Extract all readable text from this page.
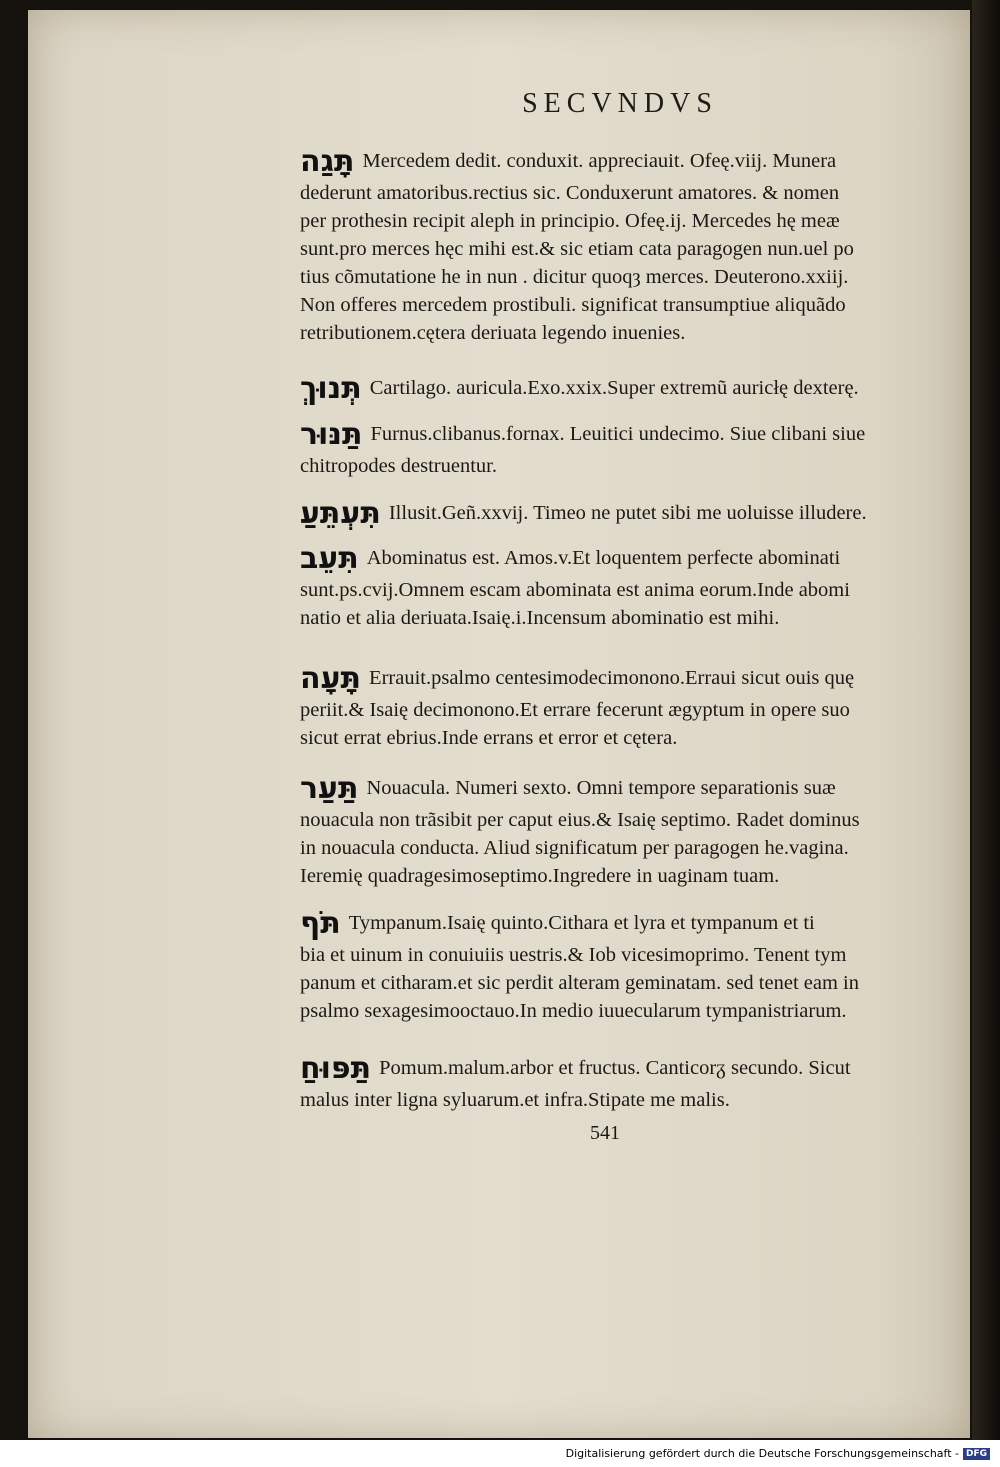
SECVNDVS
תָּגַה Mercedem dedit. conduxit. appreciauit. Ofeę.viij. Munera
dederunt amatoribus.rectius sic. Conduxerunt amatores. & nomen
per prothesin recipit aleph in principio. Ofeę.ij. Mercedes hę meæ
sunt.pro merces hęc mihi est.& sic etiam cata paragogen nun.uel po
tius cõmutatione he in nun . dicitur quoqȝ merces. Deuterono.xxiij.
Non offeres mercedem prostibuli. significat transumptiue aliquãdo
retributionem.cętera deriuata legendo inuenies.
תְּנוּךְ Cartilago. auricula.Exo.xxix.Super extremũ auricłę dexterę.
תַּנּוּר Furnus.clibanus.fornax. Leuitici undecimo. Siue clibani siue
chitropodes destruentur.
תִּעְתֵּעַ Illusit.Geñ.xxvij. Timeo ne putet sibi me uoluisse illudere.
תִּעֵב Abominatus est. Amos.v.Et loquentem perfecte abominati
sunt.ps.cvij.Omnem escam abominata est anima eorum.Inde abomi
natio et alia deriuata.Isaię.i.Incensum abominatio est mihi.
תָּעָה Errauit.psalmo centesimodecimonono.Erraui sicut ouis quę
periit.& Isaię decimonono.Et errare fecerunt ægyptum in opere suo
sicut errat ebrius.Inde errans et error et cętera.
תַּעַר Nouacula. Numeri sexto. Omni tempore separationis suæ
nouacula non trãsibit per caput eius.& Isaię septimo. Radet dominus
in nouacula conducta. Aliud significatum per paragogen he.vagina.
Ieremię quadragesimoseptimo.Ingredere in uaginam tuam.
תֹּף Tympanum.Isaię quinto.Cithara et lyra et tympanum et ti
bia et uinum in conuiuiis uestris.& Iob vicesimoprimo. Tenent tym
panum et citharam.et sic perdit alteram geminatam. sed tenet eam in
psalmo sexagesimooctauo.In medio iuuecularum tympanistriarum.
תַּפּוּחַ Pomum.malum.arbor et fructus. Canticorᵹ secundo. Sicut
malus inter ligna syluarum.et infra.Stipate me malis.
541
Digitalisierung gefördert durch die Deutsche Forschungsgemeinschaft - DFG
